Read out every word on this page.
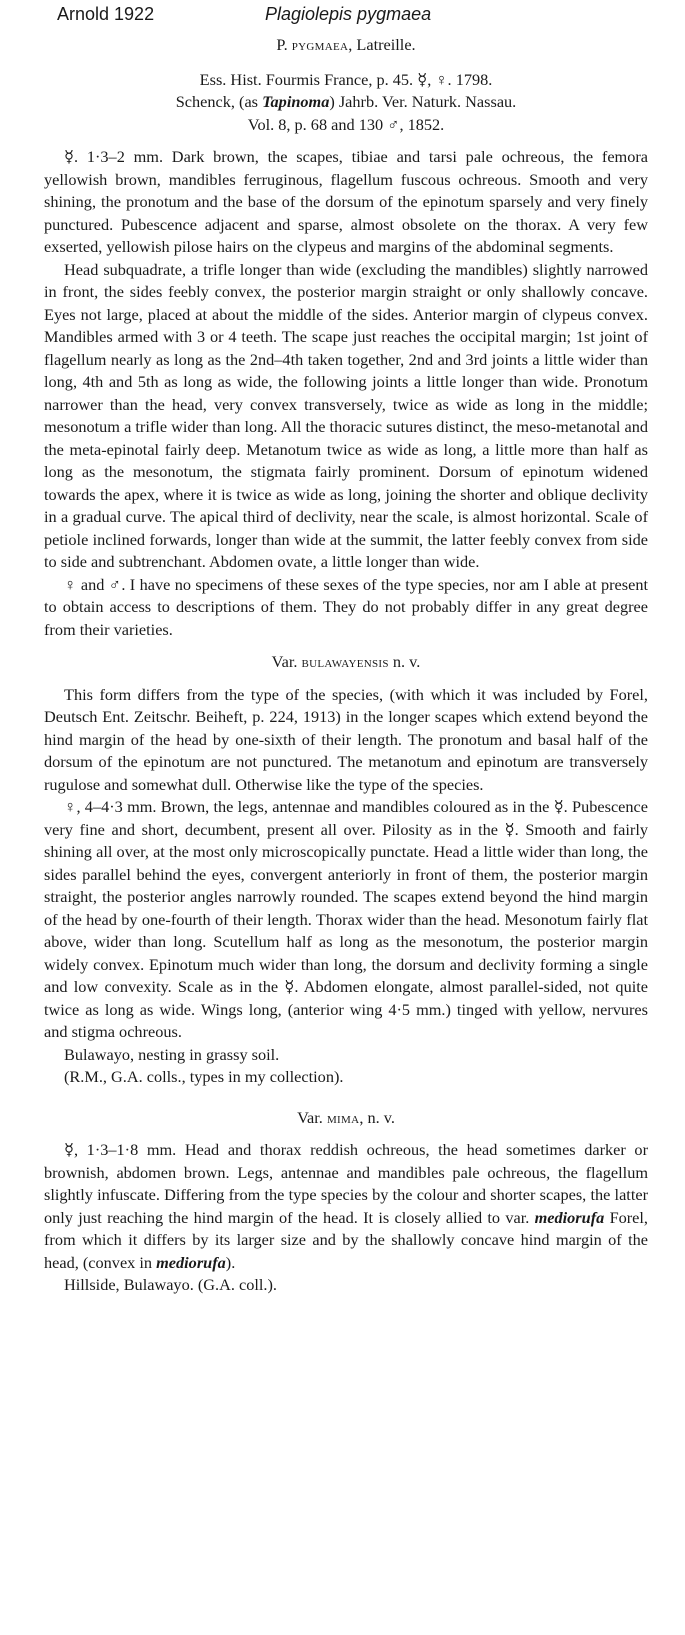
Arnold 1922	Plagiolepis pygmaea

P. pygmaea, Latreille.

Ess. Hist. Fourmis France, p. 45. ☿, ♀. 1798.

Schenck, (as Tapinoma) Jahrb. Ver. Naturk. Nassau.

Vol. 8, p. 68 and 130 ♂, 1852.

☿. 1·3–2 mm. Dark brown, the scapes, tibiae and tarsi pale ochreous, the femora yellowish brown, mandibles ferruginous, flagellum fuscous ochreous. Smooth and very shining, the pronotum and the base of the dorsum of the epinotum sparsely and very finely punctured. Pubescence adjacent and sparse, almost obsolete on the thorax. A very few exserted, yellowish pilose hairs on the clypeus and margins of the abdominal segments.

Head subquadrate, a trifle longer than wide (excluding the mandibles) slightly narrowed in front, the sides feebly convex, the posterior margin straight or only shallowly concave. Eyes not large, placed at about the middle of the sides. Anterior margin of clypeus convex. Mandibles armed with 3 or 4 teeth. The scape just reaches the occipital margin; 1st joint of flagellum nearly as long as the 2nd–4th taken together, 2nd and 3rd joints a little wider than long, 4th and 5th as long as wide, the following joints a little longer than wide. Pronotum narrower than the head, very convex transversely, twice as wide as long in the middle; mesonotum a trifle wider than long. All the thoracic sutures distinct, the meso-metanotal and the meta-epinotal fairly deep. Metanotum twice as wide as long, a little more than half as long as the mesonotum, the stigmata fairly prominent. Dorsum of epinotum widened towards the apex, where it is twice as wide as long, joining the shorter and oblique declivity in a gradual curve. The apical third of declivity, near the scale, is almost horizontal. Scale of petiole inclined forwards, longer than wide at the summit, the latter feebly convex from side to side and subtrenchant. Abdomen ovate, a little longer than wide.

♀ and ♂. I have no specimens of these sexes of the type species, nor am I able at present to obtain access to descriptions of them. They do not probably differ in any great degree from their varieties.

Var. bulawayensis n. v.

This form differs from the type of the species, (with which it was included by Forel, Deutsch Ent. Zeitschr. Beiheft, p. 224, 1913) in the longer scapes which extend beyond the hind margin of the head by one-sixth of their length. The pronotum and basal half of the dorsum of the epinotum are not punctured. The metanotum and epinotum are transversely rugulose and somewhat dull. Otherwise like the type of the species.

♀, 4–4·3 mm. Brown, the legs, antennae and mandibles coloured as in the ☿. Pubescence very fine and short, decumbent, present all over. Pilosity as in the ☿. Smooth and fairly shining all over, at the most only microscopically punctate. Head a little wider than long, the sides parallel behind the eyes, convergent anteriorly in front of them, the posterior margin straight, the posterior angles narrowly rounded. The scapes extend beyond the hind margin of the head by one-fourth of their length. Thorax wider than the head. Mesonotum fairly flat above, wider than long. Scutellum half as long as the mesonotum, the posterior margin widely convex. Epinotum much wider than long, the dorsum and declivity forming a single and low convexity. Scale as in the ☿. Abdomen elongate, almost parallel-sided, not quite twice as long as wide. Wings long, (anterior wing 4·5 mm.) tinged with yellow, nervures and stigma ochreous.

Bulawayo, nesting in grassy soil.

(R.M., G.A. colls., types in my collection).

Var. mima, n. v.

☿, 1·3–1·8 mm. Head and thorax reddish ochreous, the head sometimes darker or brownish, abdomen brown. Legs, antennae and mandibles pale ochreous, the flagellum slightly infuscate. Differing from the type species by the colour and shorter scapes, the latter only just reaching the hind margin of the head. It is closely allied to var. mediorufa Forel, from which it differs by its larger size and by the shallowly concave hind margin of the head, (convex in mediorufa).

Hillside, Bulawayo. (G.A. coll.).
